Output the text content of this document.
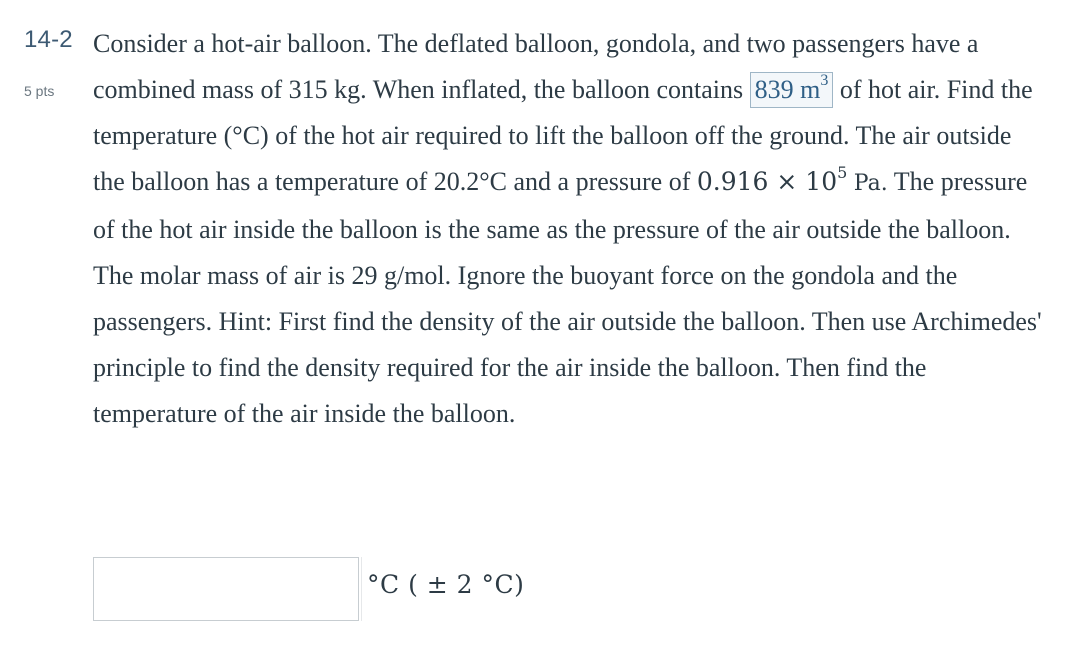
14-2
5 pts

Consider a hot-air balloon. The deflated balloon, gondola, and two passengers have a combined mass of 315 kg. When inflated, the balloon contains 839 $m^3$ of hot air. Find the temperature (°C) of the hot air required to lift the balloon off the ground. The air outside the balloon has a temperature of 20.2°C and a pressure of $0.916 \times 10^5$ Pa. The pressure of the hot air inside the balloon is the same as the pressure of the air outside the balloon. The molar mass of air is 29 g/mol. Ignore the buoyant force on the gondola and the passengers. Hint: First find the density of the air outside the balloon. Then use Archimedes' principle to find the density required for the air inside the balloon. Then find the temperature of the air inside the balloon.

°C ( ± 2 °C)
